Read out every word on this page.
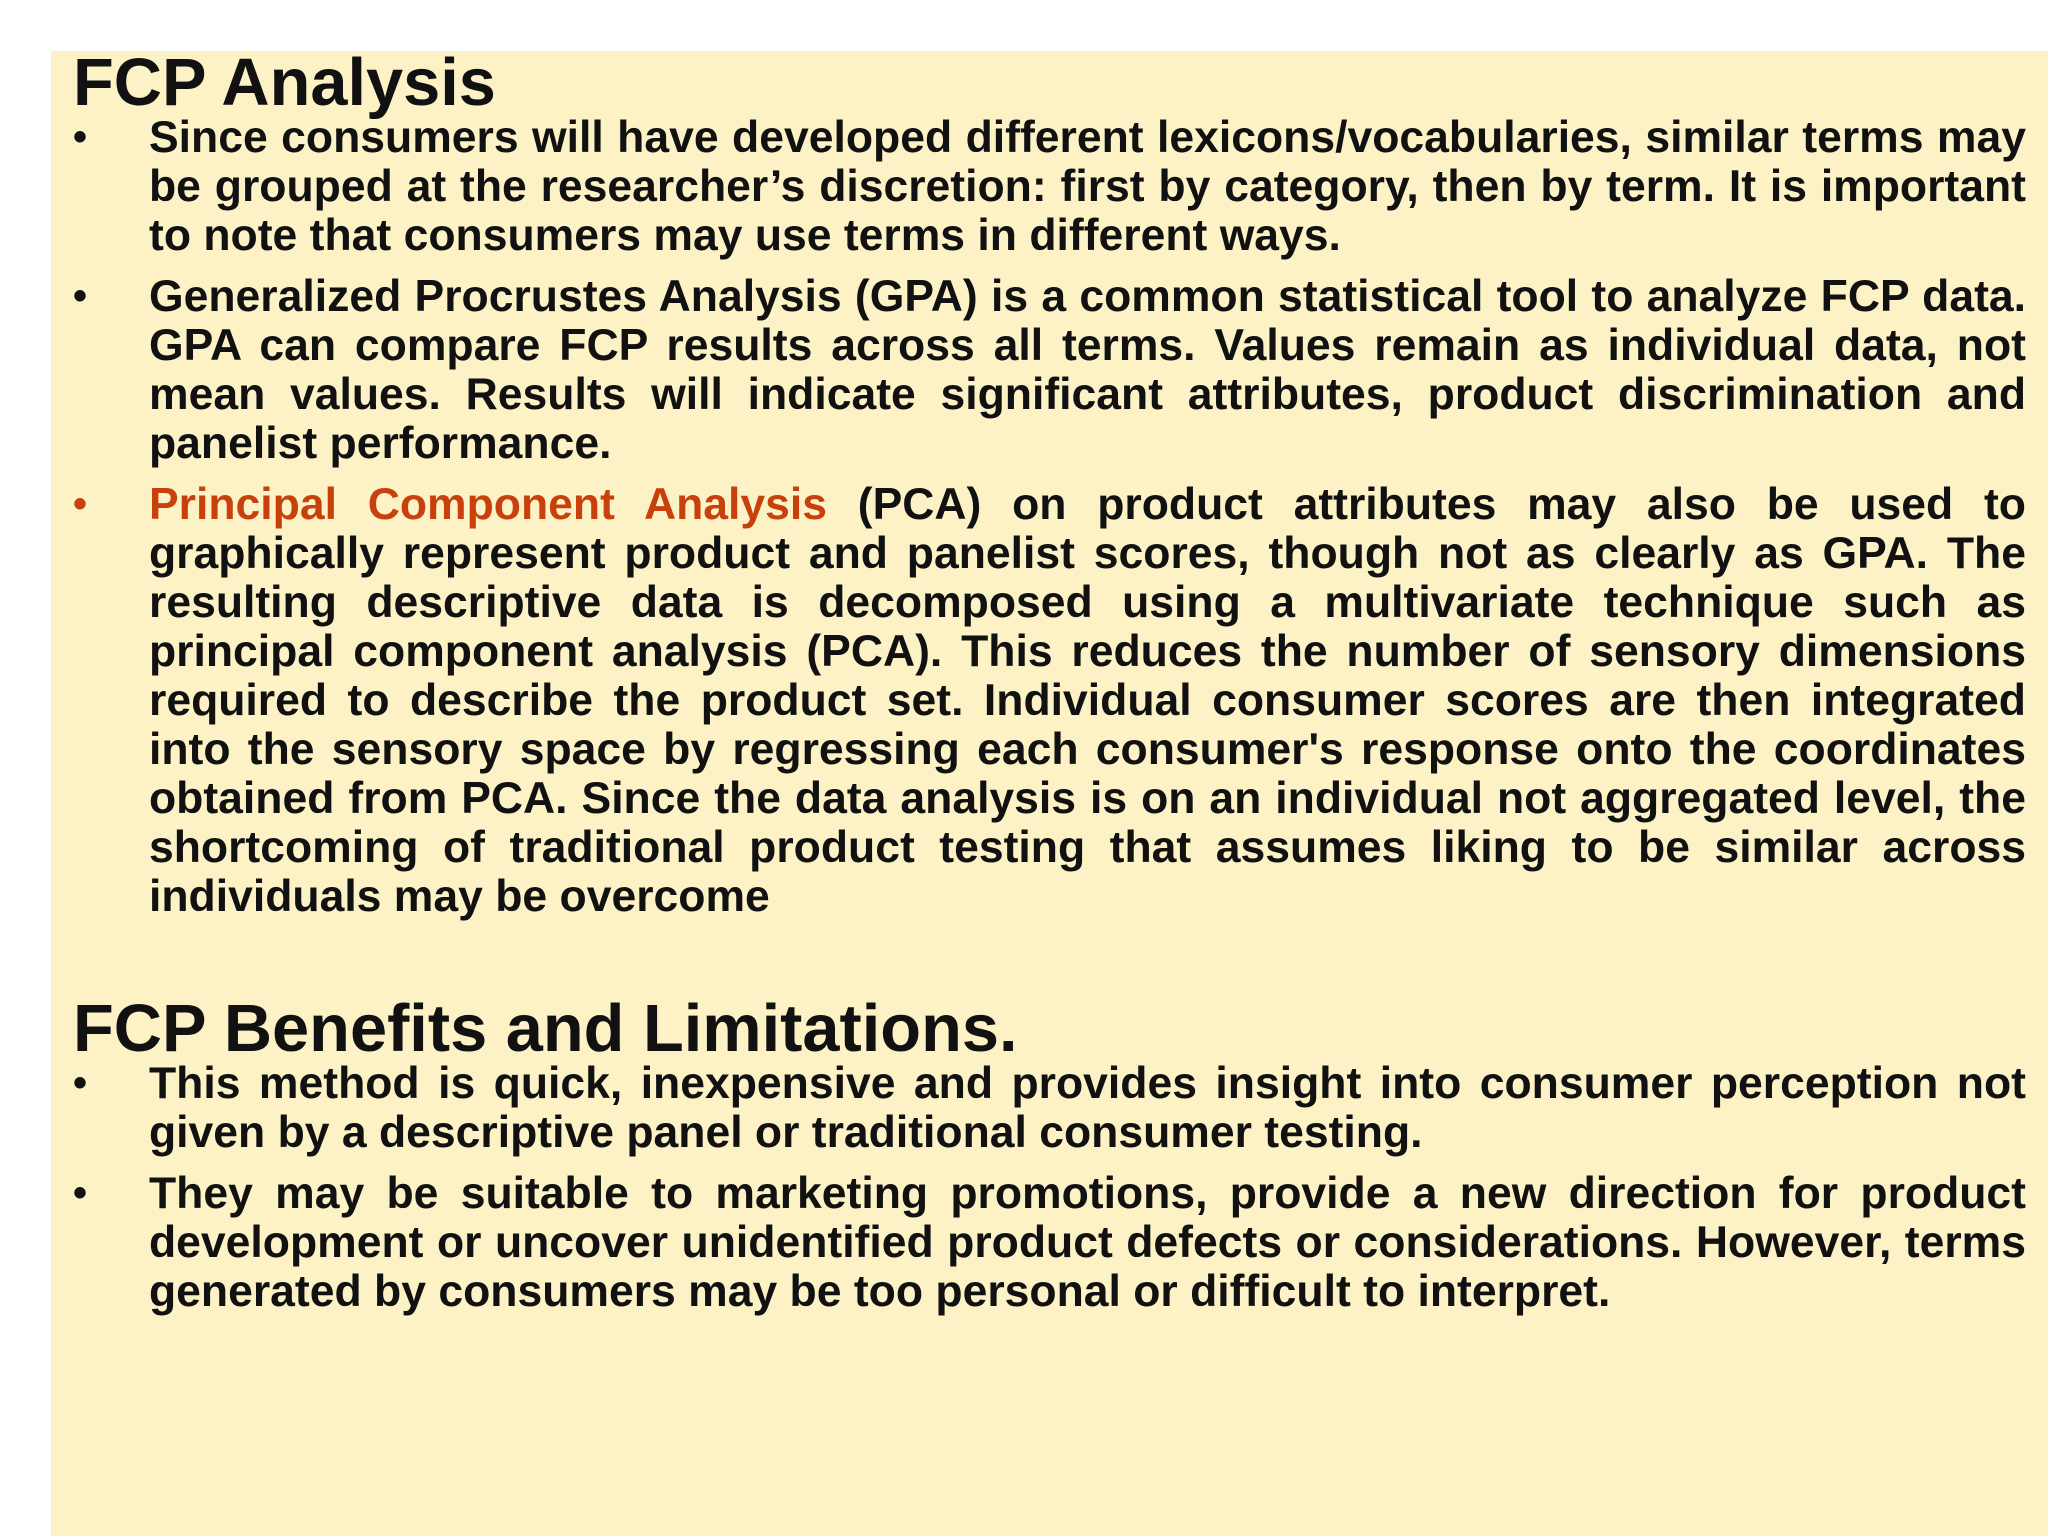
FCP Analysis
• Since consumers will have developed different lexicons/vocabularies, similar terms may be grouped at the researcher’s discretion: first by category, then by term. It is important to note that consumers may use terms in different ways.
• Generalized Procrustes Analysis (GPA) is a common statistical tool to analyze FCP data. GPA can compare FCP results across all terms. Values remain as individual data, not mean values. Results will indicate significant attributes, product discrimination and panelist performance.
• Principal Component Analysis (PCA) on product attributes may also be used to graphically represent product and panelist scores, though not as clearly as GPA. The resulting descriptive data is decomposed using a multivariate technique such as principal component analysis (PCA). This reduces the number of sensory dimensions required to describe the product set. Individual consumer scores are then integrated into the sensory space by regressing each consumer's response onto the coordinates obtained from PCA. Since the data analysis is on an individual not aggregated level, the shortcoming of traditional product testing that assumes liking to be similar across individuals may be overcome
FCP Benefits and Limitations.
• This method is quick, inexpensive and provides insight into consumer perception not given by a descriptive panel or traditional consumer testing.
• They may be suitable to marketing promotions, provide a new direction for product development or uncover unidentified product defects or considerations. However, terms generated by consumers may be too personal or difficult to interpret.
